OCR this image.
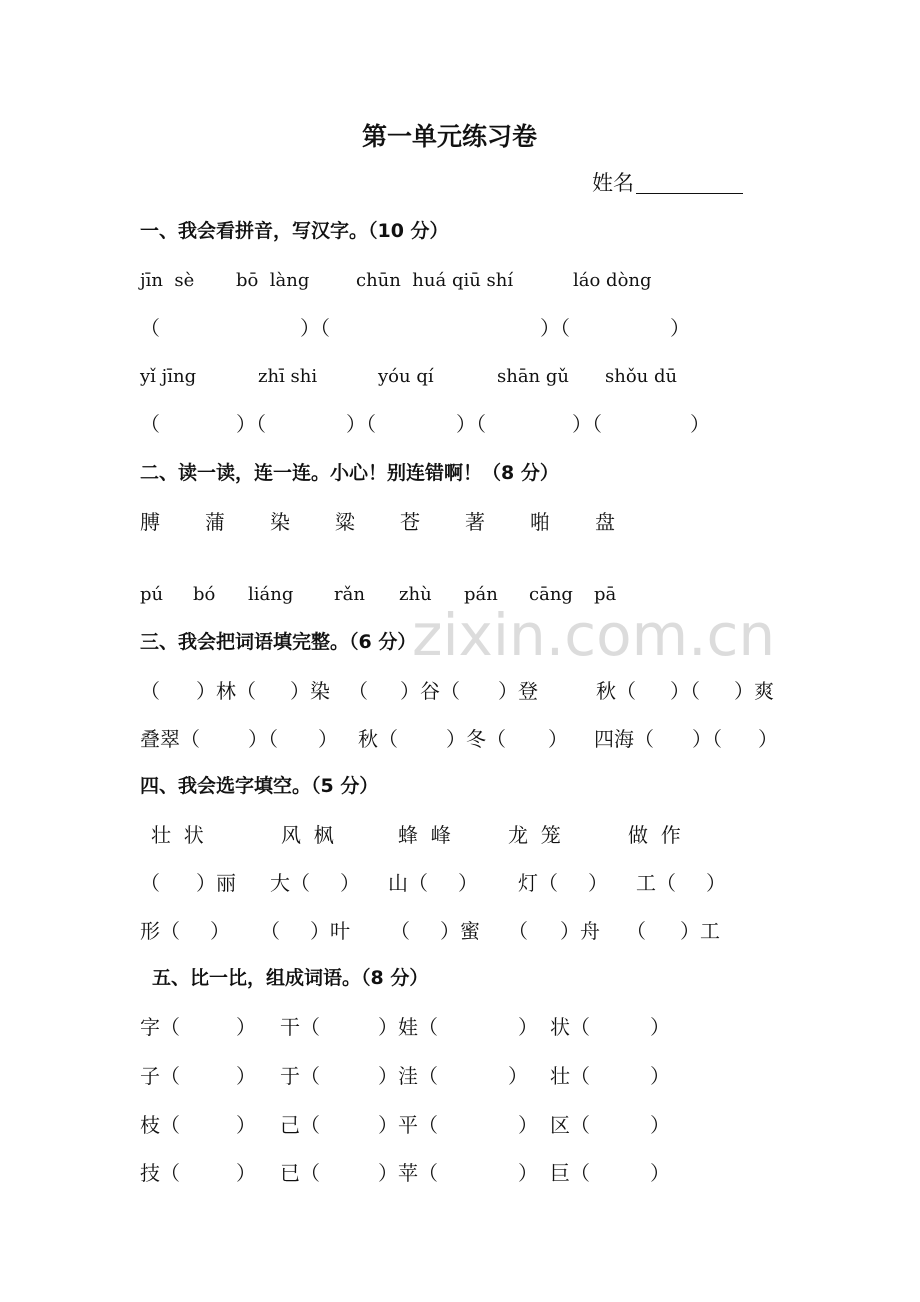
zixin.com.cn
第一单元练习卷
姓名
一、我会看拼音，写汉字。（10 分）
jīn  sè bō  làng	chūn  huá qiū shí	láo dòng
（	）（	）（	）
yǐ jīng	zhī shi	yóu qí	shān gǔ shǒu dū
（	）（	）（	）（	）（	）
二、读一读，连一连。小心！别连错啊！（8 分）
膊 蒲 染 粱 苍 著 啪 盘
pú bó liáng rǎn zhù pán cāng pā
三、我会把词语填完整。（6 分）
（ ）林（ ）染 （ ）谷（ ）登	秋（ ）（ ）爽
叠翠（ ）（ ） 秋（ ）冬（ ） 四海（ ）（ ）
四、我会选字填空。（5 分）
壮  状	风  枫	蜂  峰	龙  笼	做  作
（ ）丽 大（ ） 山（ ） 灯（ ） 工（ ）
形（ ） （ ）叶 （ ）蜜 （ ）舟 （ ）工
五、比一比，组成词语。（8 分）
字（	） 干（	）娃（	） 状（	）
子（	） 于（	）洼（	） 壮（	）
枝（	） 己（	）平（	） 区（	）
技（	） 已（	）苹（	） 巨（	）
